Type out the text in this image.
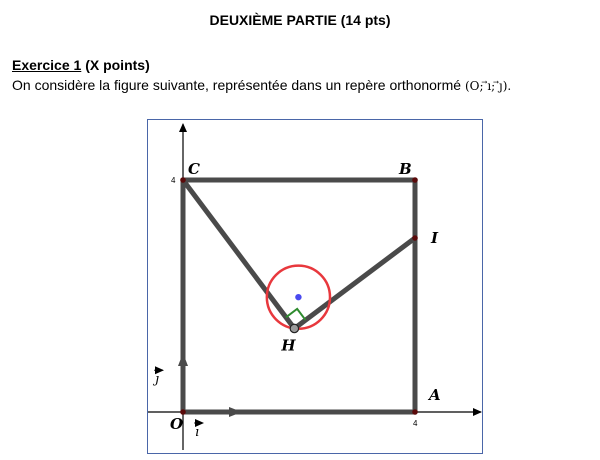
DEUXIÈME PARTIE (14 pts)
Exercice 1 (X points)
On considère la figure suivante, représentée dans un repère orthonormé (O; ⃗ı; ⃗ȷ).
O
A
B
C
I
H
4
4
ı
ȷ
